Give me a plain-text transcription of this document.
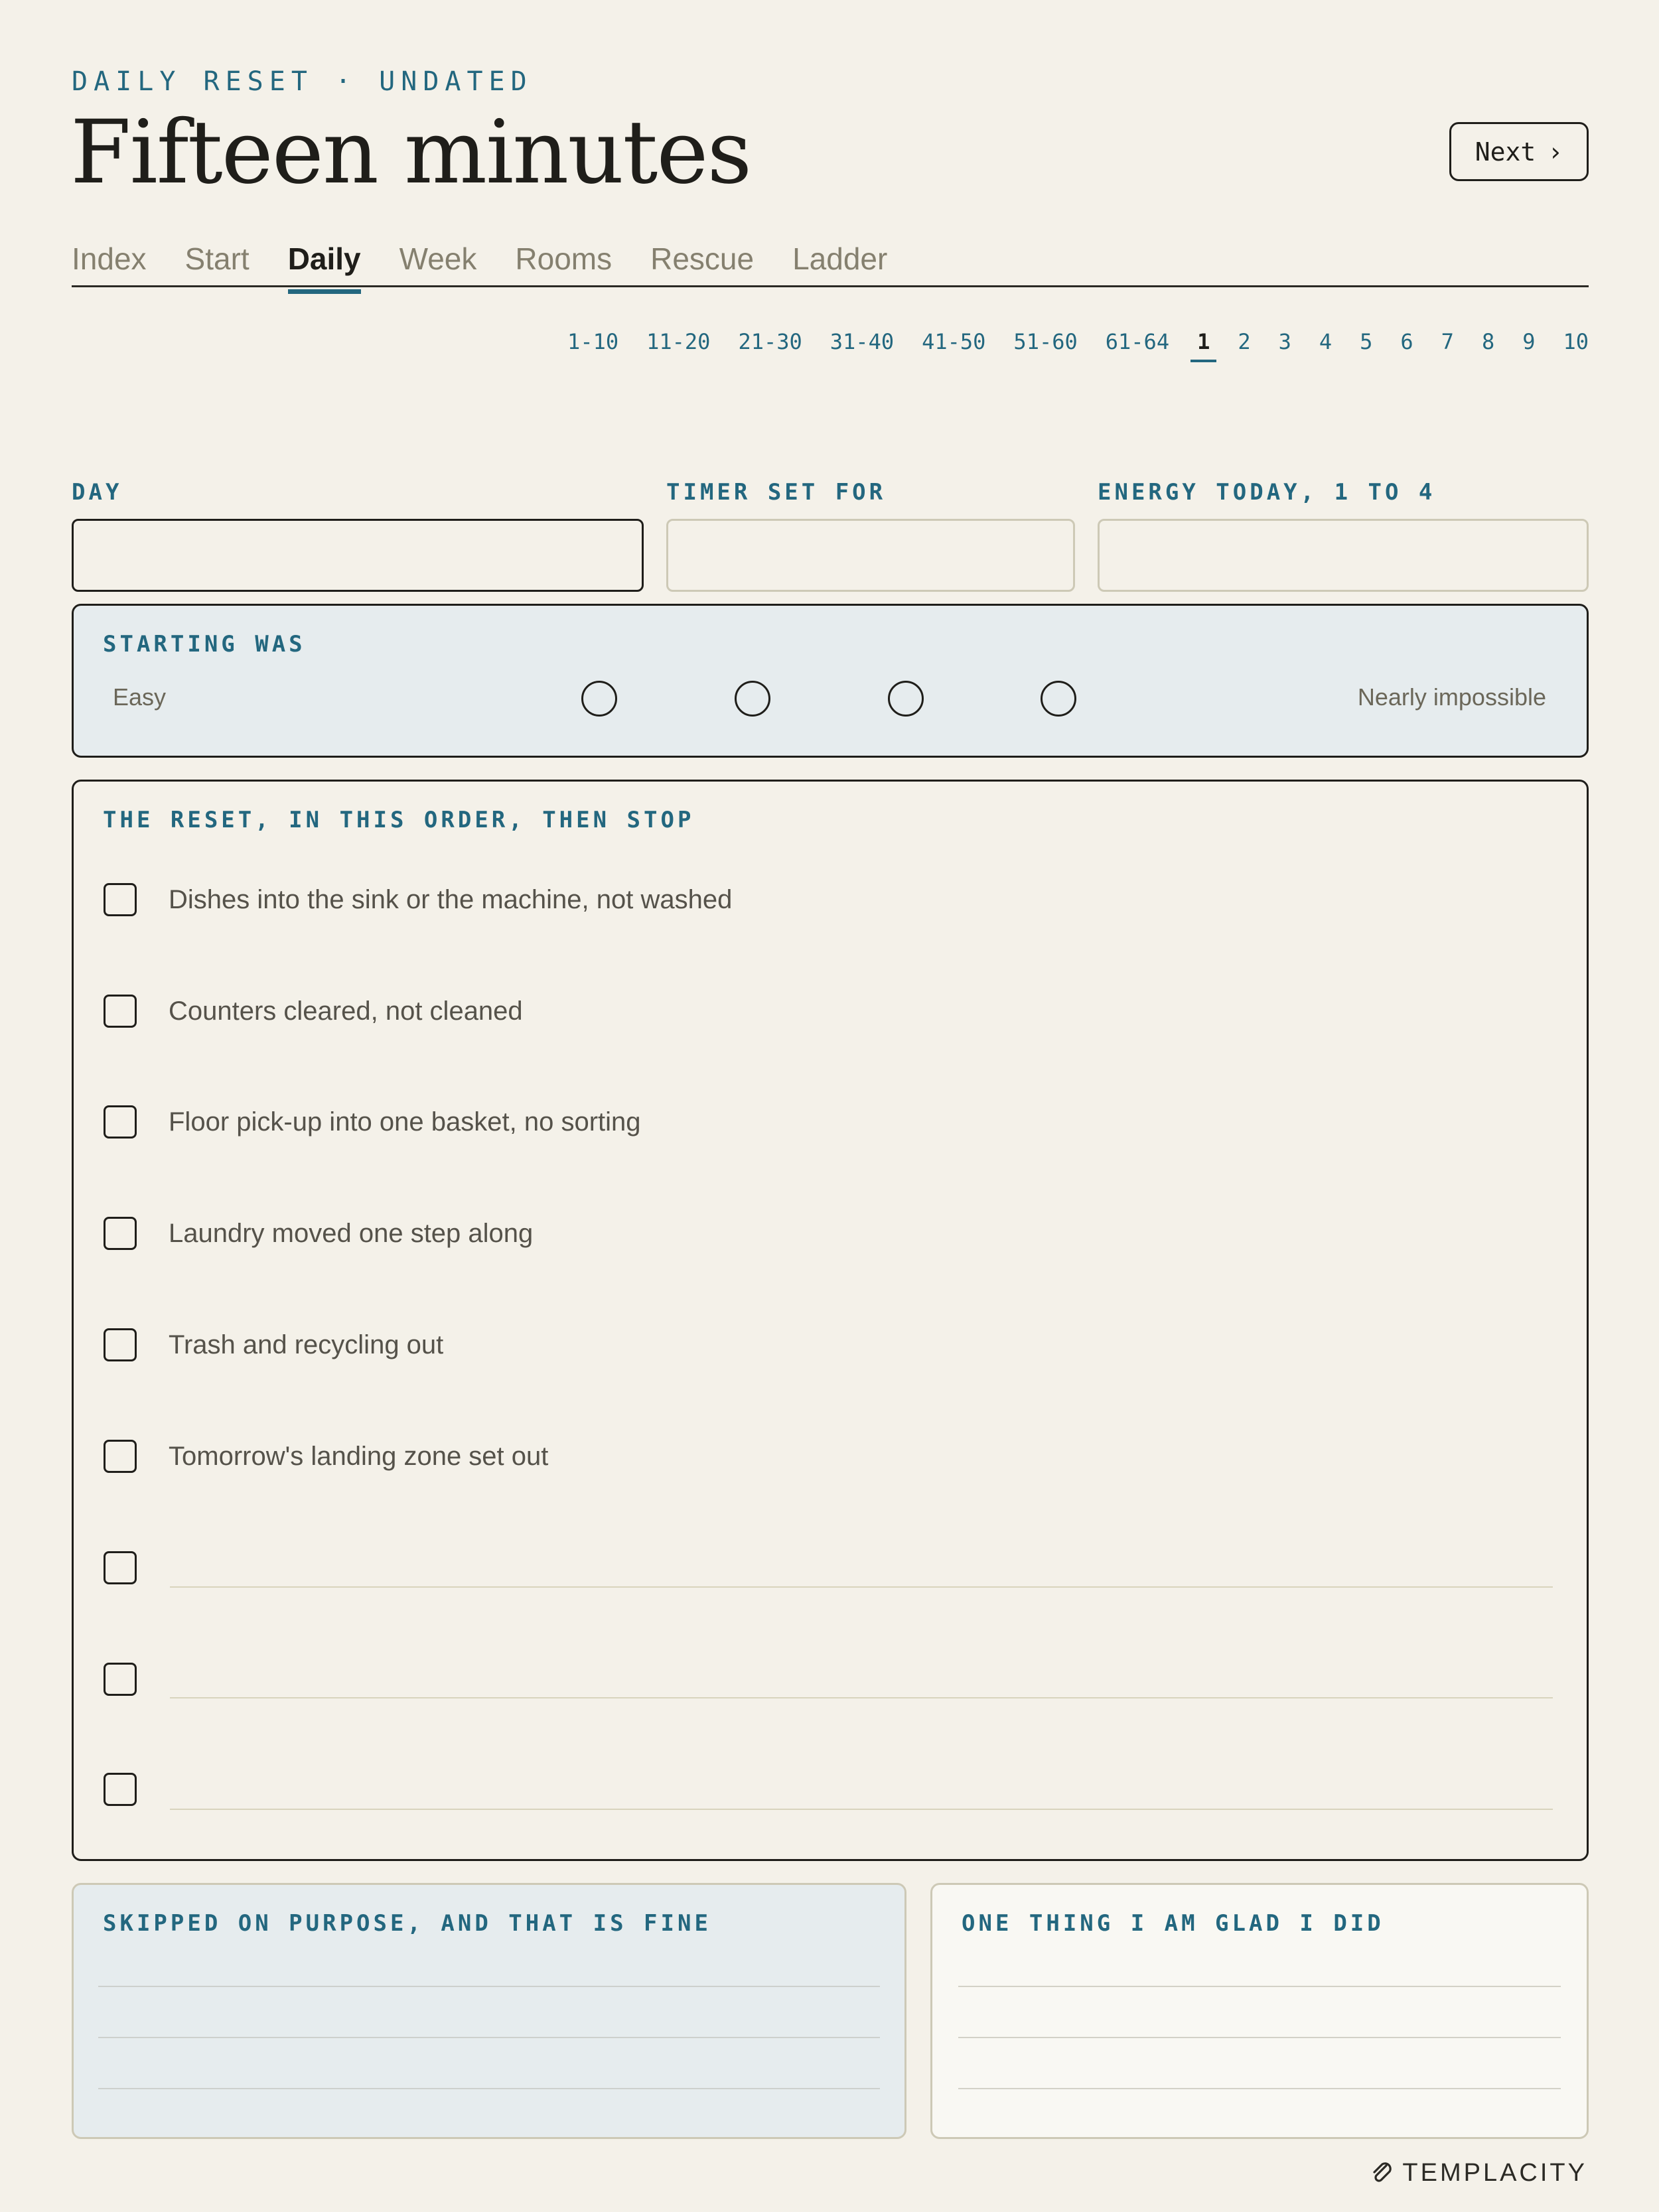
DAILY RESET · UNDATED
Fifteen minutes	Next ›
Index Start Daily Week Rooms Rescue Ladder
1-10 11-20 21-30 31-40 41-50 51-60 61-64 1 2 3 4 5 6 7 8 9 10
DAY	TIMER SET FOR	ENERGY TODAY, 1 TO 4
STARTING WAS
Easy	Nearly impossible
THE RESET, IN THIS ORDER, THEN STOP
Dishes into the sink or the machine, not washed
Counters cleared, not cleaned
Floor pick-up into one basket, no sorting
Laundry moved one step along
Trash and recycling out
Tomorrow's landing zone set out
SKIPPED ON PURPOSE, AND THAT IS FINE	ONE THING I AM GLAD I DID
TEMPLACITY
